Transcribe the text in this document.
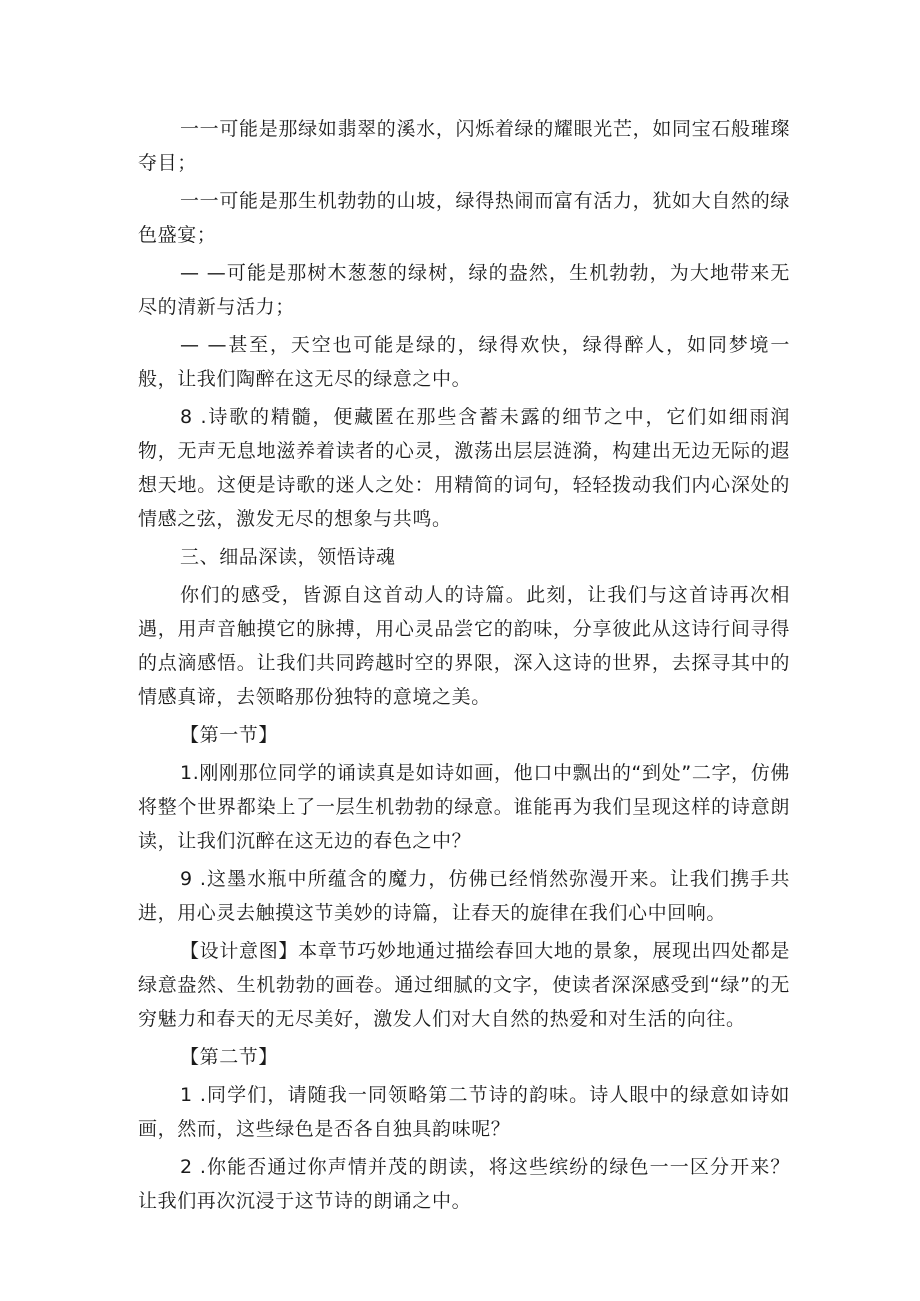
一一可能是那绿如翡翠的溪水，闪烁着绿的耀眼光芒，如同宝石般璀璨夺目；

一一可能是那生机勃勃的山坡，绿得热闹而富有活力，犹如大自然的绿色盛宴；

— —可能是那树木葱葱的绿树，绿的盎然，生机勃勃，为大地带来无尽的清新与活力；

— —甚至，天空也可能是绿的，绿得欢快，绿得醉人，如同梦境一般，让我们陶醉在这无尽的绿意之中。

8 .诗歌的精髓，便藏匿在那些含蓄未露的细节之中，它们如细雨润物，无声无息地滋养着读者的心灵，激荡出层层涟漪，构建出无边无际的遐想天地。这便是诗歌的迷人之处：用精简的词句，轻轻拨动我们内心深处的情感之弦，激发无尽的想象与共鸣。

三、细品深读，领悟诗魂

你们的感受，皆源自这首动人的诗篇。此刻，让我们与这首诗再次相遇，用声音触摸它的脉搏，用心灵品尝它的韵味，分享彼此从这诗行间寻得的点滴感悟。让我们共同跨越时空的界限，深入这诗的世界，去探寻其中的情感真谛，去领略那份独特的意境之美。

【第一节】

1.刚刚那位同学的诵读真是如诗如画，他口中飘出的“到处”二字，仿佛将整个世界都染上了一层生机勃勃的绿意。谁能再为我们呈现这样的诗意朗读，让我们沉醉在这无边的春色之中？

9 .这墨水瓶中所蕴含的魔力，仿佛已经悄然弥漫开来。让我们携手共进，用心灵去触摸这节美妙的诗篇，让春天的旋律在我们心中回响。

【设计意图】本章节巧妙地通过描绘春回大地的景象，展现出四处都是绿意盎然、生机勃勃的画卷。通过细腻的文字，使读者深深感受到“绿”的无穷魅力和春天的无尽美好，激发人们对大自然的热爱和对生活的向往。

【第二节】

1 .同学们，请随我一同领略第二节诗的韵味。诗人眼中的绿意如诗如画，然而，这些绿色是否各自独具韵味呢？

2 .你能否通过你声情并茂的朗读，将这些缤纷的绿色一一区分开来？让我们再次沉浸于这节诗的朗诵之中。
